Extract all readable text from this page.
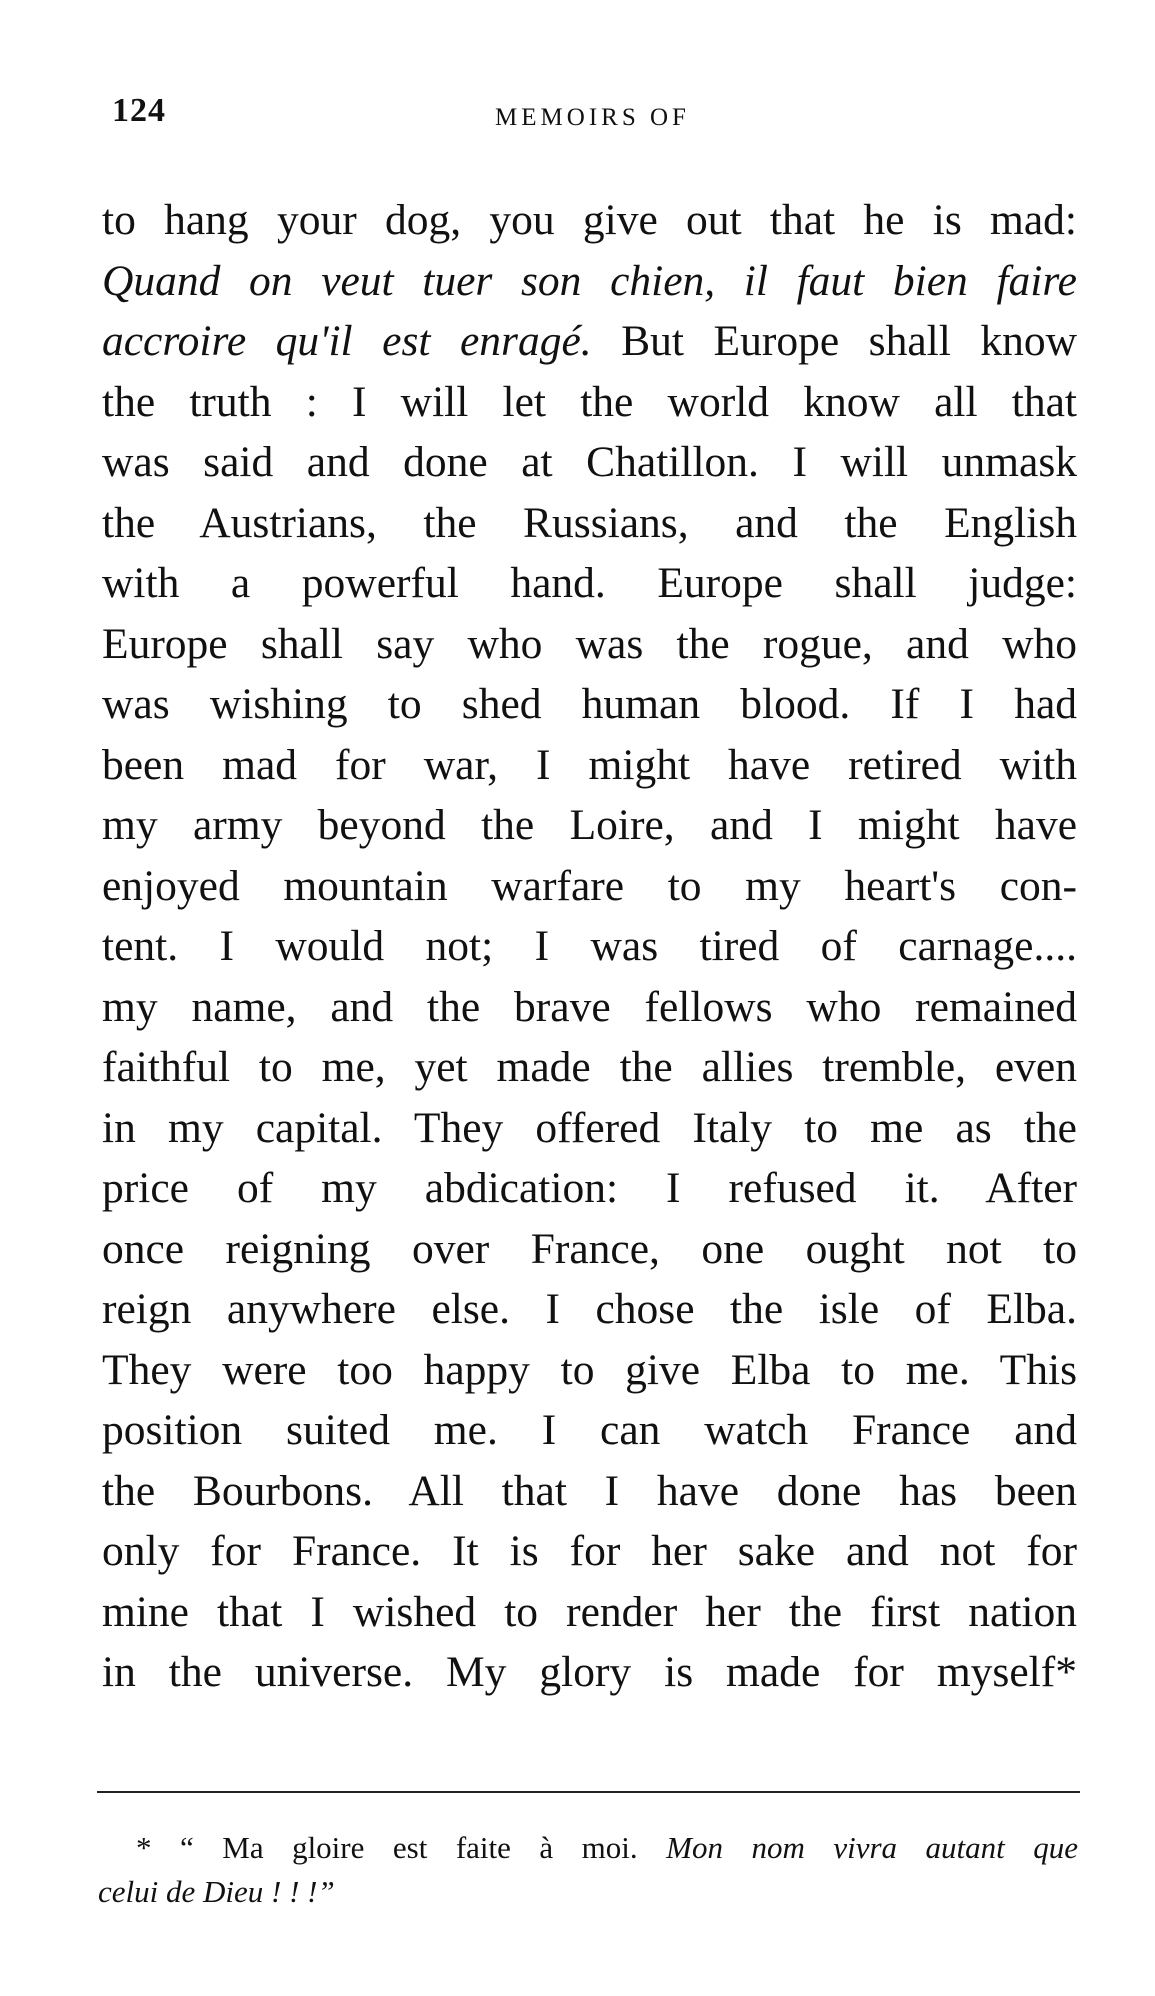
124	MEMOIRS OF
to hang your dog, you give out that he is mad:
Quand on veut tuer son chien, il faut bien faire
accroire qu'il est enragé. But Europe shall know
the truth : I will let the world know all that
was said and done at Chatillon. I will unmask
the Austrians, the Russians, and the English
with a powerful hand. Europe shall judge:
Europe shall say who was the rogue, and who
was wishing to shed human blood. If I had
been mad for war, I might have retired with
my army beyond the Loire, and I might have
enjoyed mountain warfare to my heart's con-
tent. I would not; I was tired of carnage....
my name, and the brave fellows who remained
faithful to me, yet made the allies tremble, even
in my capital. They offered Italy to me as the
price of my abdication: I refused it. After
once reigning over France, one ought not to
reign anywhere else. I chose the isle of Elba.
They were too happy to give Elba to me. This
position suited me. I can watch France and
the Bourbons. All that I have done has been
only for France. It is for her sake and not for
mine that I wished to render her the first nation
in the universe. My glory is made for myself*
* “ Ma gloire est faite à moi. Mon nom vivra autant que
celui de Dieu ! ! !”
